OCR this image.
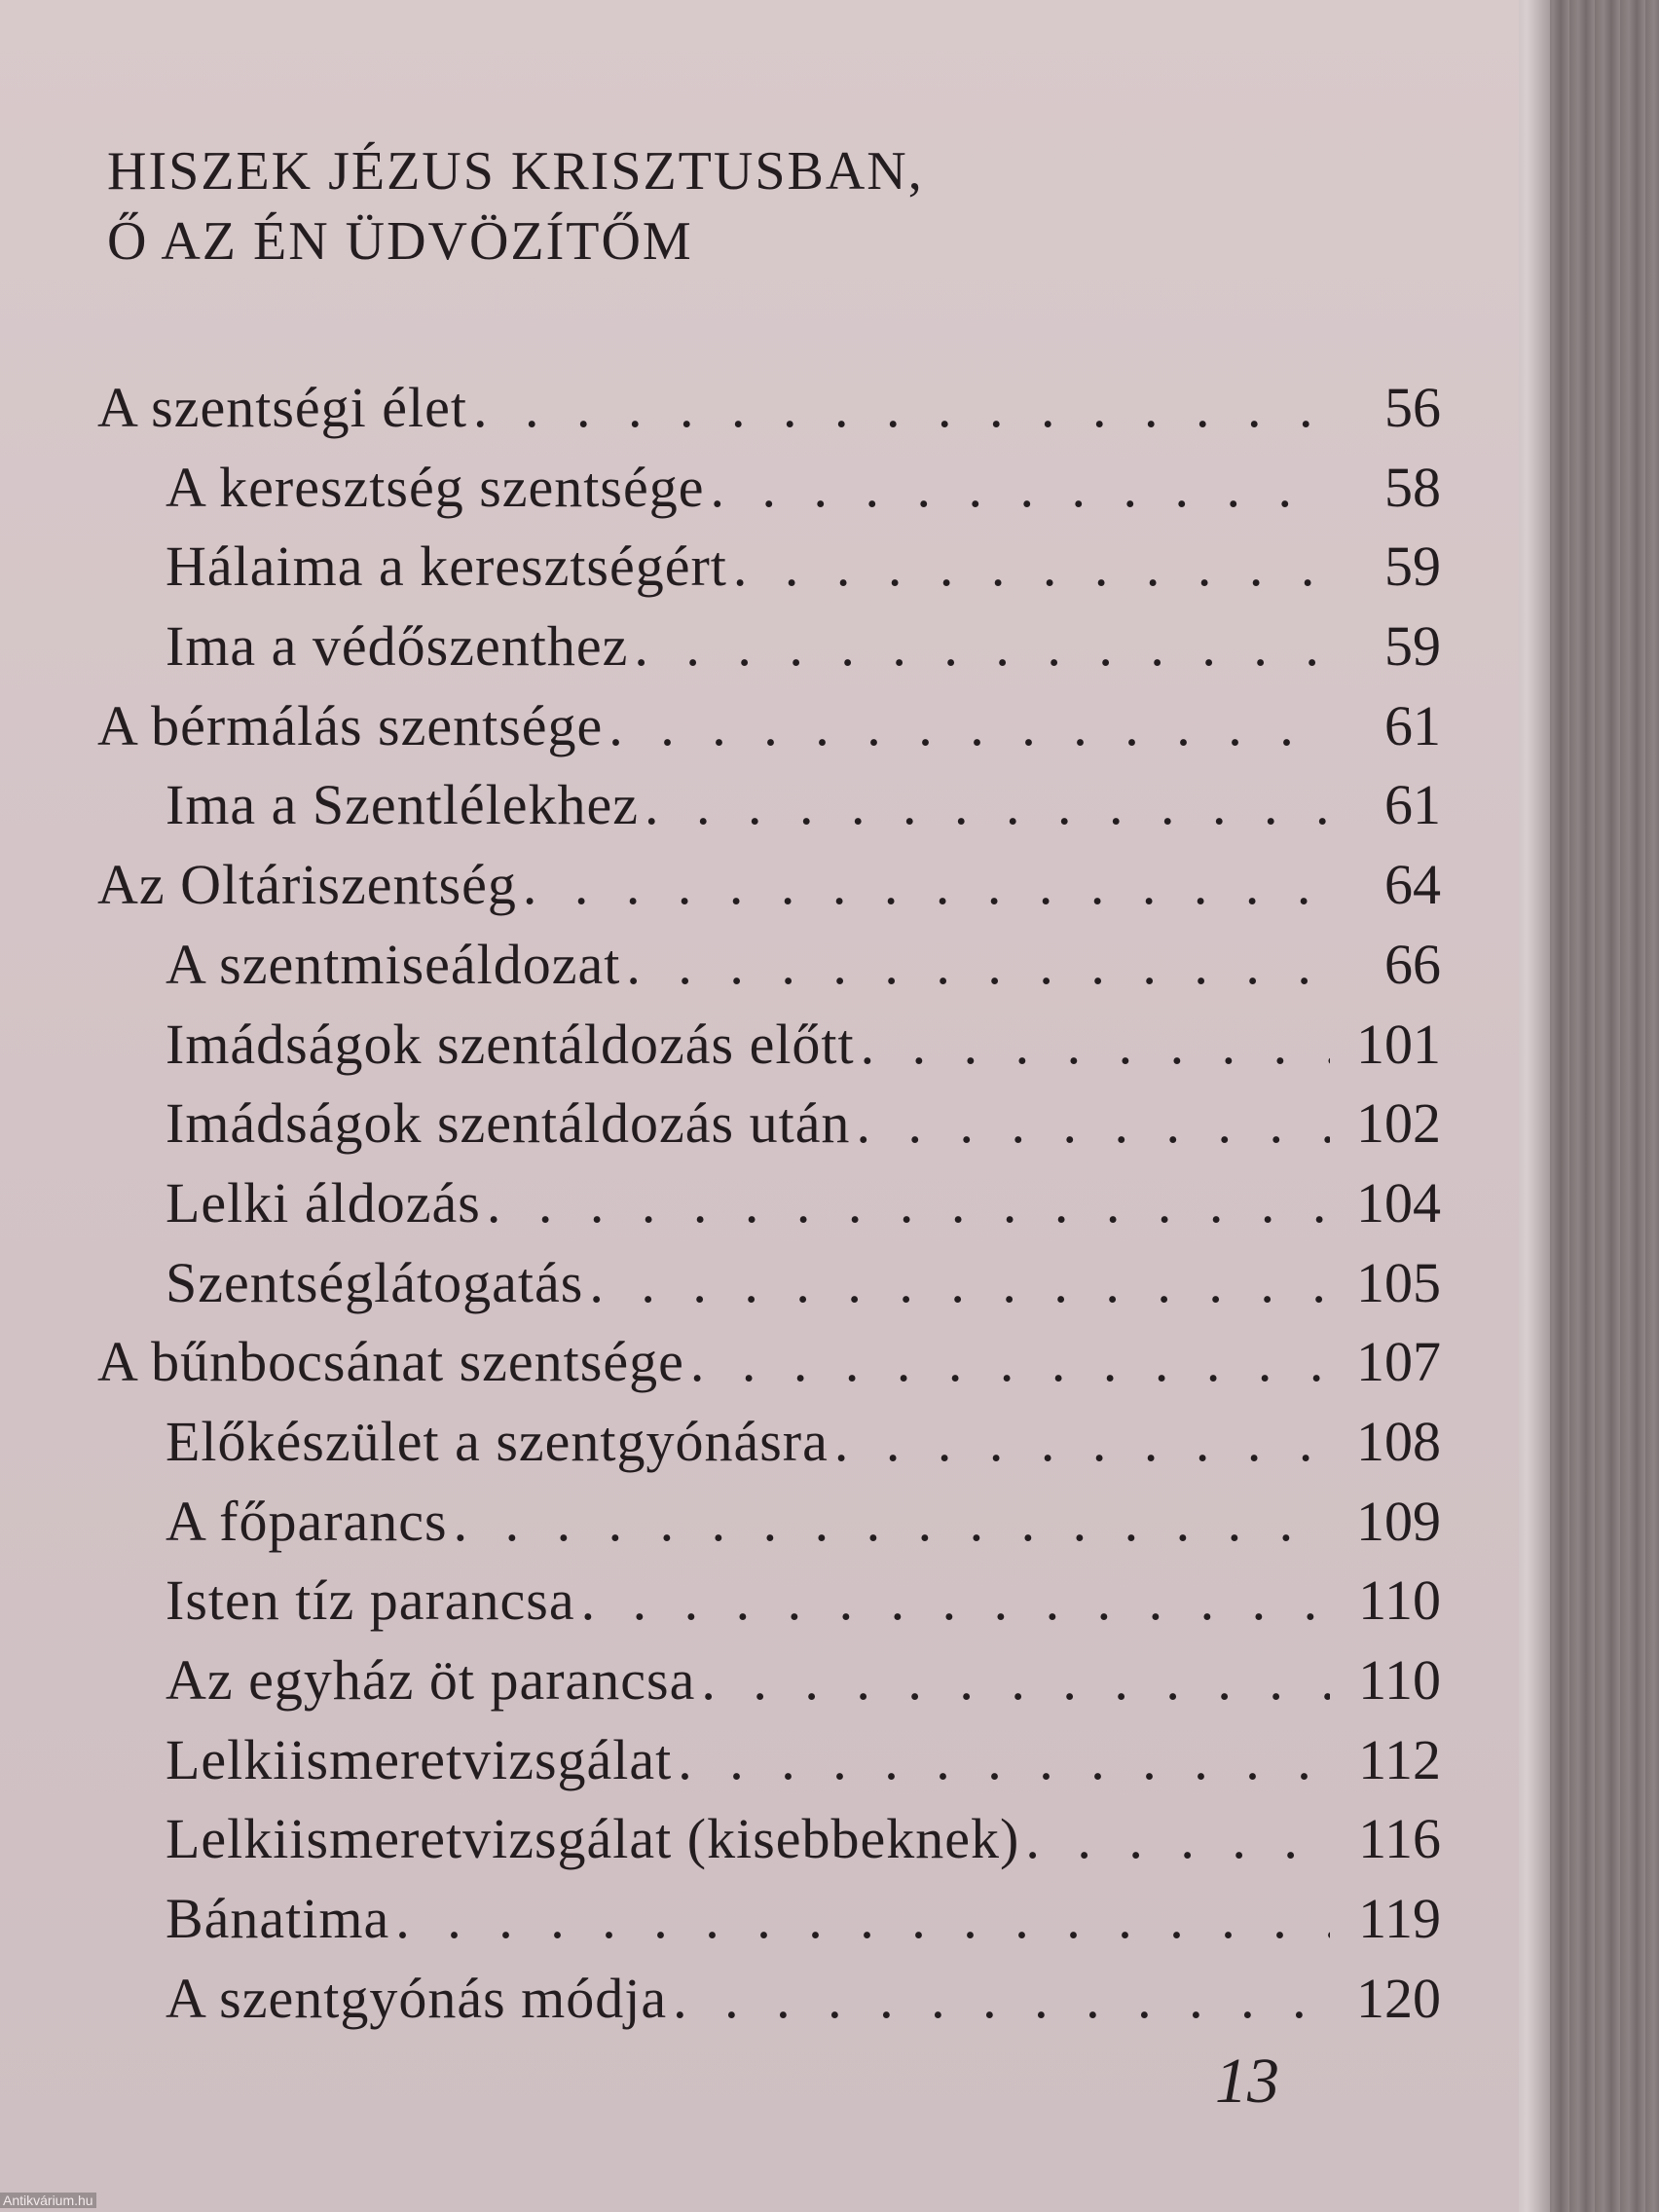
HISZEK JÉZUS KRISZTUSBAN,
Ő AZ ÉN ÜDVÖZÍTŐM
A szentségi élet . . .	56
A keresztség szentsége . . .	58
Hálaima a keresztségért . . .	59
Ima a védőszenthez . . .	59
A bérmálás szentsége . . .	61
Ima a Szentlélekhez . . .	61
Az Oltáriszentség . . .	64
A szentmiseáldozat . . .	66
Imádságok szentáldozás előtt . . .	101
Imádságok szentáldozás után . . .	102
Lelki áldozás . . .	104
Szentséglátogatás . . .	105
A bűnbocsánat szentsége . . .	107
Előkészület a szentgyónásra . . .	108
A főparancs . . .	109
Isten tíz parancsa . . .	110
Az egyház öt parancsa . . .	110
Lelkiismeretvizsgálat . . .	112
Lelkiismeretvizsgálat (kisebbeknek) . . .	116
Bánatima . . .	119
A szentgyónás módja . . .	120
13
Antikvárium.hu
